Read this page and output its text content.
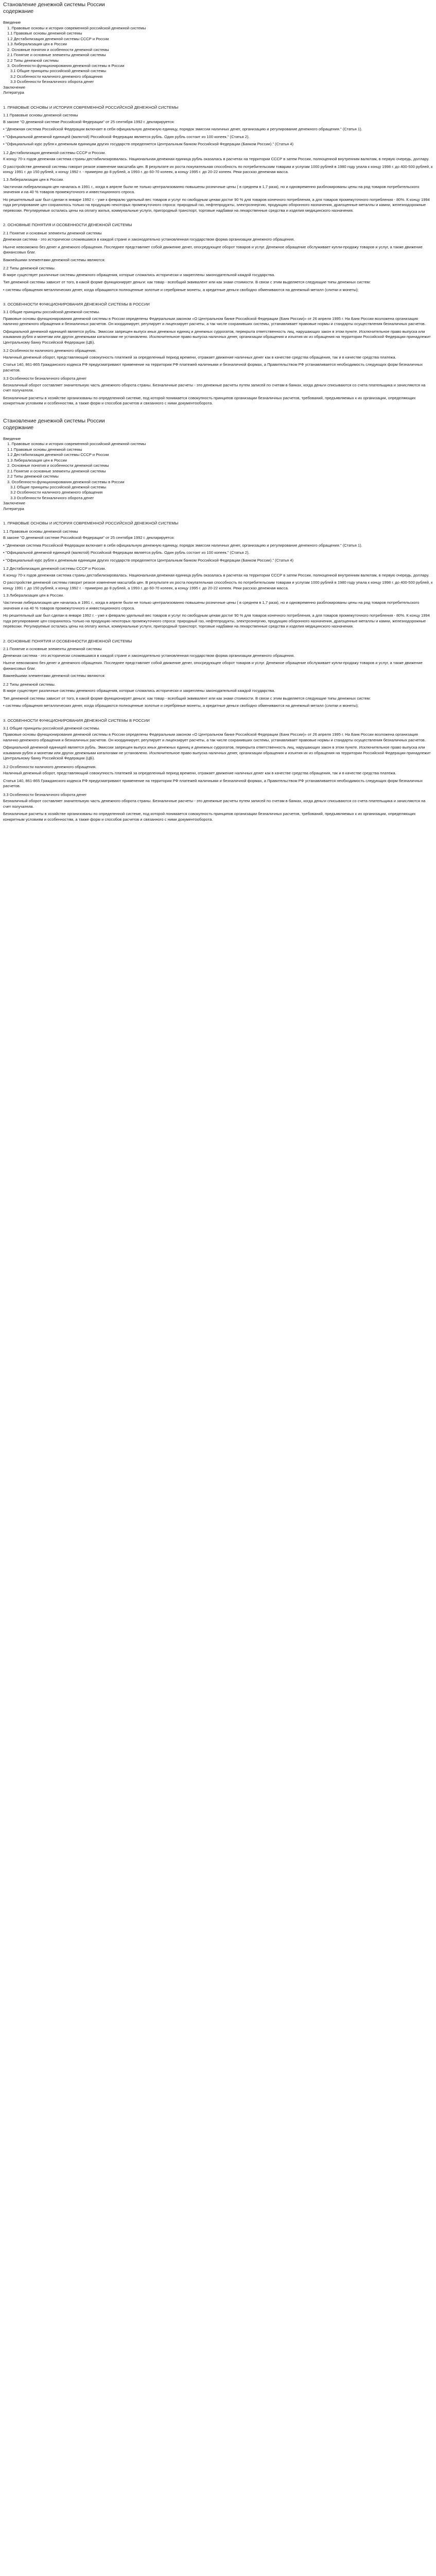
Становление денежной системы России
содержание
Введение
1. Правовые основы и история современной российской денежной системы
1.1 Правовые основы денежной системы
1.2 Дестабилизация денежной системы СССР и России
1.3 Либерализация цен в России
2. Основные понятия и особенности денежной системы
2.1 Понятие и основные элементы денежной системы
2.2 Типы денежной системы
3. Особенности функционирования денежной системы в России
3.1 Общие принципы российской денежной системы
3.2 Особенности наличного денежного обращения
3.3 Особенности безналичного оборота денег
Заключение
Литература
1. ПРАВОВЫЕ ОСНОВЫ И ИСТОРИЯ СОВРЕМЕННОЙ РОССИЙСКОЙ ДЕНЕЖНОЙ СИСТЕМЫ
1.1 Правовые основы денежной системы

В законе "О денежной системе Российской Федерации" от 25 сентября 1992 г. декларируется:

• "Денежная система Российской Федерации включает в себя официальную денежную единицу, порядок эмиссии наличных денег, организацию и регулирование денежного обращения." (Статья 1).

• "Официальной денежной единицей (валютой) Российской Федерации является рубль. Один рубль состоит из 100 копеек." (Статья 2).

• "Официальный курс рубля к денежным единицам других государств определяется Центральным банком Российской Федерации (Банком России)." (Статья 4)

1.2 Дестабилизация денежной системы СССР и России.

К концу 70-х годов денежная система страны дестабилизировалась. Национальная денежная единица рубль оказалась в расчетах на территории СССР в затем России, полноценной внутренним валютам, в первую очередь, доллару.

О расстройстве денежной системы говорит резкое изменение масштаба цен. В результате их роста покупательная способность по потребительским товарам и услугам 1000 рублей в 1980 году упала к концу 1998 г. до 400-500 рублей, к концу 1991 г. до 150 рублей, к концу 1992 г. - примерно до 8 рублей, а 1993 г. до 60-70 копеек, а концу 1995 г. до 20-22 копеек. Реки рассказ денежная масса.

1.3 Либерализация цен в России.

Частичная либерализация цен началась в 1991 г., когда в апреле были не только централизованно повышены розничные цены ( в среднем в 1,7 раза), но и одновременно разблокированы цены на ряд товаров потребительского значения и на 40 % товаров промежуточного и инвестиционного спроса.

Но решительный шаг был сделан в январе 1992 г. - уже к февралю удельный вес товаров и услуг по свободным ценам достиг 90 % для товаров конечного потребления, а для товаров промежуточного потребления - 80%. К концу 1994 года регулирование цен сохранилось только на продукцию некоторых промежуточного спроса: природный газ, нефтепродукты, электроэнергию, продукцию оборонного назначения, драгоценные металлы и камни, железнодорожные перевозки. Регулируемые остались цены на оплату жилья, коммунальные услуги, пригородный транспорт, торговые надбавки на лекарственные средства и изделия медицинского назначения.

2. ОСНОВНЫЕ ПОНЯТИЯ И ОСОБЕННОСТИ ДЕНЕЖНОЙ СИСТЕМЫ
2.1 Понятие и основные элементы денежной системы

Денежная система - это исторически сложившаяся в каждой стране и законодательно установленная государством форма организации денежного обращения.

Нынче невозможно без денег и денежного обращения. Последнее представляет собой движение денег, опосредующее оборот товаров и услуг. Денежное обращение обслуживает купли-продажу товаров и услуг, а также движение финансовых благ.

Важнейшими элементами денежной системы являются:

2.2 Типы денежной системы.

В мире существует различные системы денежного обращения, которые сложились исторически и закреплены законодательной каждой государства.

Тип денежной системы зависит от того, в какой форме функционирует деньги: как товар - всеобщий эквивалент или как знаки стоимости. В связи с этим выделяется следующие типы денежных систем:

• системы обращения металлических денег, когда обращаются полноценные золотые и серебряные монеты, а кредитные деньги свободно обмениваются на денежный металл (слитки и монеты);

3. ОСОБЕННОСТИ ФУНКЦИОНИРОВАНИЯ ДЕНЕЖНОЙ СИСТЕМЫ В РОССИИ
3.1 Общие принципы российской денежной системы.

Правовые основы функционирования денежной системы в России определены Федеральным законом «О Центральном банке Российской Федерации (Банк России)» от 26 апреля 1995 г. На Банк России возложена организация налично-денежного обращения и безналичных расчетов. Он координирует, регулирует и лицензирует расчеты, а так числе сохранивших системы, устанавливает правовые нормы и стандарты осуществления безналичных расчетов.

Официальной денежной единицей является рубль. Эмиссии запрещен выпуск иных денежных единиц и денежных суррогатов, перекрыта ответственность лиц, нарушающих закон в этом пункте. Исключительное право выпуска или изымания рубля и монетам или других денежными каталогами не установлено. Исключительное право выпуска наличных денег, организации обращения и изъятия их из обращения на территории Российской Федерации принадлежит Центральному банку Российской Федерации (ЦБ).

3.2 Особенности наличного денежного обращения.

Наличный денежный оборот, представляющий совокупность платежей за определенный период времени, отражает движение наличных денег как в качестве средства обращения, так и в качестве средства платежа.

Статья 140, 861-865 Гражданского кодекса РФ предусматривают применение на территории РФ платежей наличными и безналичной формах, а Правительством РФ устанавливается необходимость следующих форм безналичных расчетов.

3.3 Особенности безналичного оборота денег

Безналичный оборот составляет значительную часть денежного оборота страны. Безналичные расчеты - это денежные расчеты путем записей по счетам в банках, когда деньги списываются со счета плательщика и зачисляются на счет получателя.

Безналичные расчеты в хозяйстве организованы по определенной системе, под которой понимается совокупность принципов организации безналичных расчетов, требований, предъявляемых к их организации, определяющих конкретным условиям и особенностям, а также форм и способов расчетов и связанного с ними документооборота.

Становление денежной системы России
содержание
Введение
1. Правовые основы и история современной российской денежной системы
1.1 Правовые основы денежной системы
1.2 Дестабилизация денежной системы СССР и России
1.3 Либерализация цен в России
2. Основные понятия и особенности денежной системы
2.1 Понятие и основные элементы денежной системы
2.2 Типы денежной системы
3. Особенности функционирования денежной системы в России
3.1 Общие принципы российской денежной системы
3.2 Особенности наличного денежного обращения
3.3 Особенности безналичного оборота денег
Заключение
Литература
1. ПРАВОВЫЕ ОСНОВЫ И ИСТОРИЯ СОВРЕМЕННОЙ РОССИЙСКОЙ ДЕНЕЖНОЙ СИСТЕМЫ
1.1 Правовые основы денежной системы

В законе "О денежной системе Российской Федерации" от 25 сентября 1992 г. декларируется:

• "Денежная система Российской Федерации включает в себя официальную денежную единицу, порядок эмиссии наличных денег, организацию и регулирование денежного обращения." (Статья 1).

• "Официальной денежной единицей (валютой) Российской Федерации является рубль. Один рубль состоит из 100 копеек." (Статья 2).

• "Официальный курс рубля к денежным единицам других государств определяется Центральным банком Российской Федерации (Банком России)." (Статья 4)

1.2 Дестабилизация денежной системы СССР и России.

К концу 70-х годов денежная система страны дестабилизировалась. Национальная денежная единица рубль оказалась в расчетах на территории СССР в затем России, полноценной внутренним валютам, в первую очередь, доллару.

О расстройстве денежной системы говорит резкое изменение масштаба цен. В результате их роста покупательная способность по потребительским товарам и услугам 1000 рублей в 1980 году упала к концу 1998 г. до 400-500 рублей, к концу 1991 г. до 150 рублей, к концу 1992 г. - примерно до 8 рублей, а 1993 г. до 60-70 копеек, а концу 1995 г. до 20-22 копеек. Реки рассказ денежная масса.

1.3 Либерализация цен в России.

Частичная либерализация цен началась в 1991 г., когда в апреле были не только централизованно повышены розничные цены ( в среднем в 1,7 раза), но и одновременно разблокированы цены на ряд товаров потребительского значения и на 40 % товаров промежуточного и инвестиционного спроса.

Но решительный шаг был сделан в январе 1992 г. - уже к февралю удельный вес товаров и услуг по свободным ценам достиг 90 % для товаров конечного потребления, а для товаров промежуточного потребления - 80%. К концу 1994 года регулирование цен сохранилось только на продукцию некоторых промежуточного спроса: природный газ, нефтепродукты, электроэнергию, продукцию оборонного назначения, драгоценные металлы и камни, железнодорожные перевозки. Регулируемые остались цены на оплату жилья, коммунальные услуги, пригородный транспорт, торговые надбавки на лекарственные средства и изделия медицинского назначения.

2. ОСНОВНЫЕ ПОНЯТИЯ И ОСОБЕННОСТИ ДЕНЕЖНОЙ СИСТЕМЫ
2.1 Понятие и основные элементы денежной системы

Денежная система - это исторически сложившаяся в каждой стране и законодательно установленная государством форма организации денежного обращения.

Нынче невозможно без денег и денежного обращения. Последнее представляет собой движение денег, опосредующее оборот товаров и услуг. Денежное обращение обслуживает купли-продажу товаров и услуг, а также движение финансовых благ.

Важнейшими элементами денежной системы являются:

2.2 Типы денежной системы.

В мире существует различные системы денежного обращения, которые сложились исторически и закреплены законодательной каждой государства.

Тип денежной системы зависит от того, в какой форме функционирует деньги: как товар - всеобщий эквивалент или как знаки стоимости. В связи с этим выделяется следующие типы денежных систем:

• системы обращения металлических денег, когда обращаются полноценные золотые и серебряные монеты, а кредитные деньги свободно обмениваются на денежный металл (слитки и монеты);

3. ОСОБЕННОСТИ ФУНКЦИОНИРОВАНИЯ ДЕНЕЖНОЙ СИСТЕМЫ В РОССИИ
3.1 Общие принципы российской денежной системы.

Правовые основы функционирования денежной системы в России определены Федеральным законом «О Центральном банке Российской Федерации (Банк России)» от 26 апреля 1995 г. На Банк России возложена организация налично-денежного обращения и безналичных расчетов. Он координирует, регулирует и лицензирует расчеты, а так числе сохранивших системы, устанавливает правовые нормы и стандарты осуществления безналичных расчетов.

Официальной денежной единицей является рубль. Эмиссии запрещен выпуск иных денежных единиц и денежных суррогатов, перекрыта ответственность лиц, нарушающих закон в этом пункте. Исключительное право выпуска или изымания рубля и монетам или других денежными каталогами не установлено. Исключительное право выпуска наличных денег, организации обращения и изъятия их из обращения на территории Российской Федерации принадлежит Центральному банку Российской Федерации (ЦБ).

3.2 Особенности наличного денежного обращения.

Наличный денежный оборот, представляющий совокупность платежей за определенный период времени, отражает движение наличных денег как в качестве средства обращения, так и в качестве средства платежа.

Статья 140, 861-865 Гражданского кодекса РФ предусматривают применение на территории РФ платежей наличными и безналичной формах, а Правительством РФ устанавливается необходимость следующих форм безналичных расчетов.

3.3 Особенности безналичного оборота денег

Безналичный оборот составляет значительную часть денежного оборота страны. Безналичные расчеты - это денежные расчеты путем записей по счетам в банках, когда деньги списываются со счета плательщика и зачисляются на счет получателя.

Безналичные расчеты в хозяйстве организованы по определенной системе, под которой понимается совокупность принципов организации безналичных расчетов, требований, предъявляемых к их организации, определяющих конкретным условиям и особенностям, а также форм и способов расчетов и связанного с ними документооборота.
